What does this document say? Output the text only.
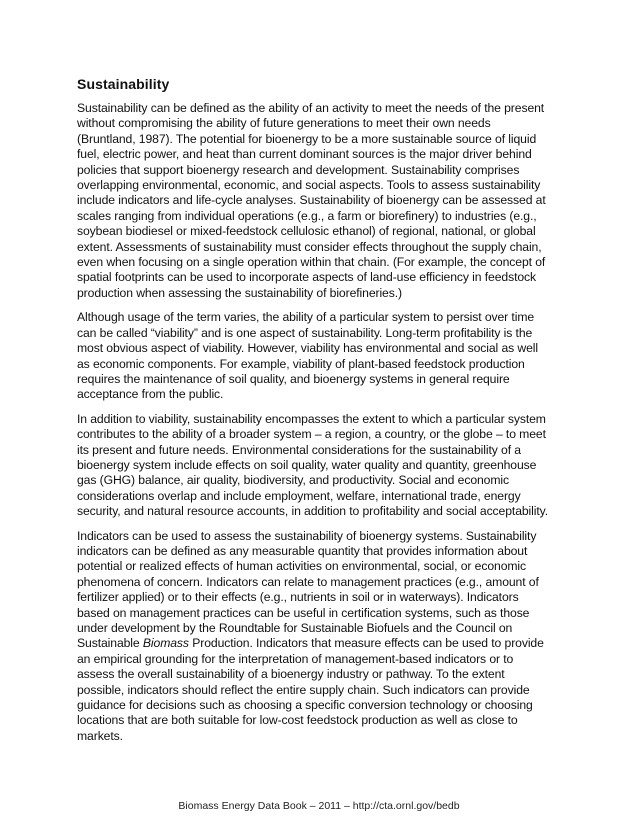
Sustainability

Sustainability can be defined as the ability of an activity to meet the needs of the present without compromising the ability of future generations to meet their own needs (Bruntland, 1987). The potential for bioenergy to be a more sustainable source of liquid fuel, electric power, and heat than current dominant sources is the major driver behind policies that support bioenergy research and development. Sustainability comprises overlapping environmental, economic, and social aspects. Tools to assess sustainability include indicators and life-cycle analyses. Sustainability of bioenergy can be assessed at scales ranging from individual operations (e.g., a farm or biorefinery) to industries (e.g., soybean biodiesel or mixed-feedstock cellulosic ethanol) of regional, national, or global extent. Assessments of sustainability must consider effects throughout the supply chain, even when focusing on a single operation within that chain. (For example, the concept of spatial footprints can be used to incorporate aspects of land-use efficiency in feedstock production when assessing the sustainability of biorefineries.)

Although usage of the term varies, the ability of a particular system to persist over time can be called “viability” and is one aspect of sustainability. Long-term profitability is the most obvious aspect of viability. However, viability has environmental and social as well as economic components. For example, viability of plant-based feedstock production requires the maintenance of soil quality, and bioenergy systems in general require acceptance from the public.

In addition to viability, sustainability encompasses the extent to which a particular system contributes to the ability of a broader system – a region, a country, or the globe – to meet its present and future needs. Environmental considerations for the sustainability of a bioenergy system include effects on soil quality, water quality and quantity, greenhouse gas (GHG) balance, air quality, biodiversity, and productivity. Social and economic considerations overlap and include employment, welfare, international trade, energy security, and natural resource accounts, in addition to profitability and social acceptability.

Indicators can be used to assess the sustainability of bioenergy systems. Sustainability indicators can be defined as any measurable quantity that provides information about potential or realized effects of human activities on environmental, social, or economic phenomena of concern. Indicators can relate to management practices (e.g., amount of fertilizer applied) or to their effects (e.g., nutrients in soil or in waterways). Indicators based on management practices can be useful in certification systems, such as those under development by the Roundtable for Sustainable Biofuels and the Council on Sustainable Biomass Production. Indicators that measure effects can be used to provide an empirical grounding for the interpretation of management-based indicators or to assess the overall sustainability of a bioenergy industry or pathway. To the extent possible, indicators should reflect the entire supply chain. Such indicators can provide guidance for decisions such as choosing a specific conversion technology or choosing locations that are both suitable for low-cost feedstock production as well as close to markets.

Biomass Energy Data Book – 2011 – http://cta.ornl.gov/bedb
